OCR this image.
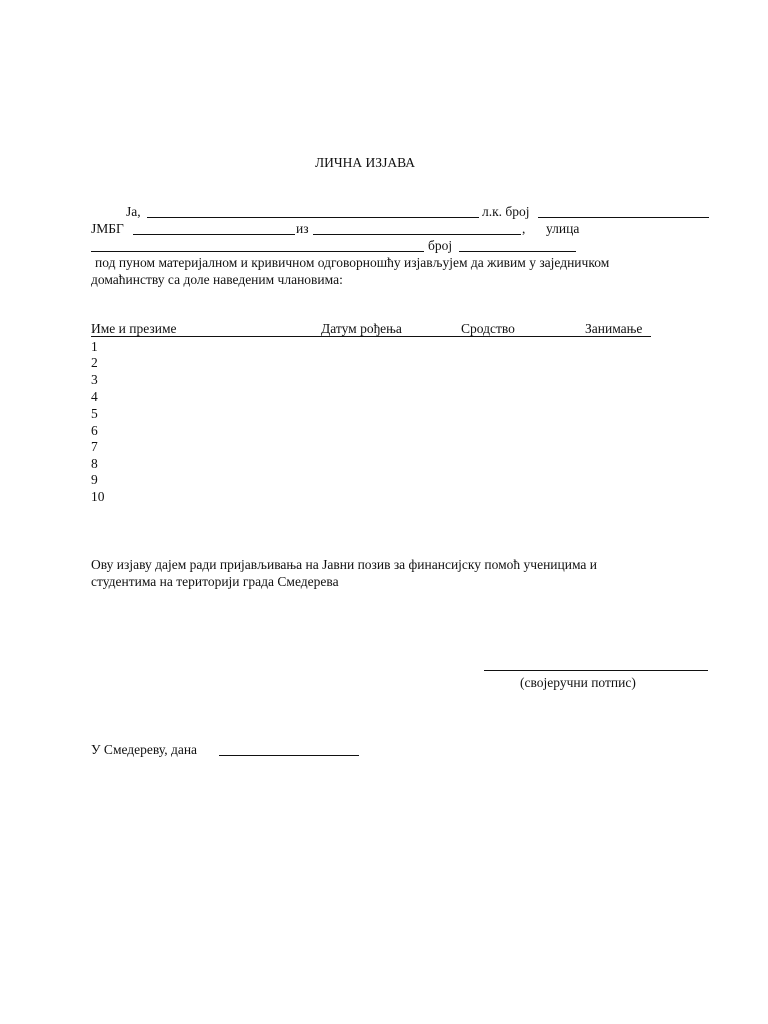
ЛИЧНА ИЗЈАВА
Ја,	л.к. број
ЈМБГ	из	, улица
број
под пуном материјалном и кривичном одговорношћу изјављујем да живим у заједничком
домаћинству са доле наведеним члановима:
Име и презиме	Датум рођења	Сродство	Занимање
1
2
3
4
5
6
7
8
9
10
Ову изјаву дајем ради пријављивања на Јавни позив за финансијску помоћ ученицима и
студентима на територији града Смедерева
(својеручни потпис)
У Смедереву, дана
